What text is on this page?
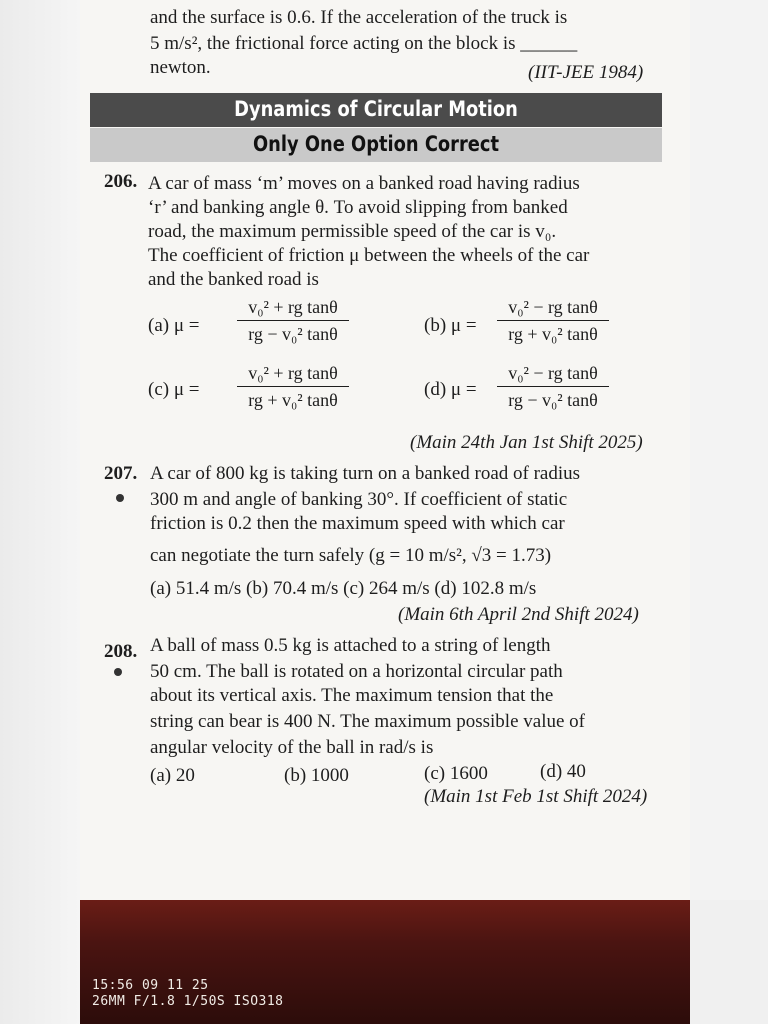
and the surface is 0.6. If the acceleration of the truck is
5 m/s², the frictional force acting on the block is ______
newton.	(IIT-JEE 1984)
Dynamics of Circular Motion
Only One Option Correct
206. A car of mass ‘m’ moves on a banked road having radius
‘r’ and banking angle θ. To avoid slipping from banked
road, the maximum permissible speed of the car is v₀.
The coefficient of friction μ between the wheels of the car
and the banked road is
(a) $\mu = \frac{\text{v₀² + rg tanθ}}{\text{rg − v₀² tanθ}}$	(b) $\mu = \frac{\text{v₀² − rg tanθ}}{\text{rg + v₀² tanθ}}$
(c) $\mu = \frac{\text{v₀² + rg tanθ}}{\text{rg + v₀² tanθ}}$	(d) $\mu = \frac{\text{v₀² − rg tanθ}}{\text{rg − v₀² tanθ}}$
(Main 24th Jan 1st Shift 2025)
207. A car of 800 kg is taking turn on a banked road of radius
300 m and angle of banking 30°. If coefficient of static
friction is 0.2 then the maximum speed with which car
can negotiate the turn safely (g = 10 m/s², √3 = 1.73)
(a) 51.4 m/s (b) 70.4 m/s (c) 264 m/s (d) 102.8 m/s
(Main 6th April 2nd Shift 2024)
208. A ball of mass 0.5 kg is attached to a string of length
50 cm. The ball is rotated on a horizontal circular path
about its vertical axis. The maximum tension that the
string can bear is 400 N. The maximum possible value of
angular velocity of the ball in rad/s is
(a) 20	(b) 1000	(c) 1600	(d) 40
(Main 1st Feb 1st Shift 2024)
15:56 09 11 25
26MM F/1.8 1/50S ISO318
